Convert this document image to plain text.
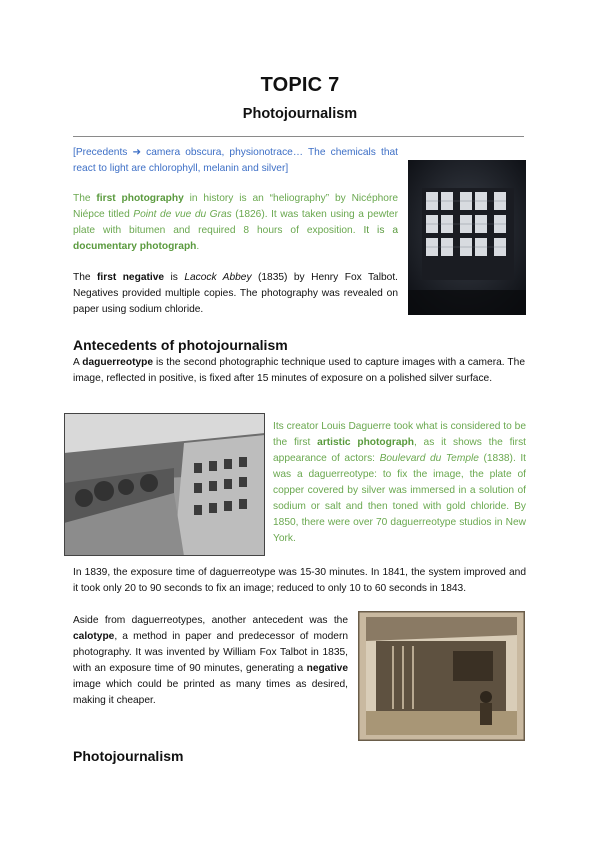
TOPIC 7
Photojournalism
[Precedents ➜ camera obscura, physionotrace… The chemicals that react to light are chlorophyll, melanin and silver]
The first photography in history is an “heliography” by Nicéphore Niépce titled Point de vue du Gras (1826). It was taken using a pewter plate with bitumen and required 8 hours of exposition. It is a documentary photograph.
The first negative is Lacock Abbey (1835) by Henry Fox Talbot. Negatives provided multiple copies. The photography was revealed on paper using sodium chloride.
Antecedents of photojournalism
A daguerreotype is the second photographic technique used to capture images with a camera. The image, reflected in positive, is fixed after 15 minutes of exposure on a polished silver surface.
Its creator Louis Daguerre took what is considered to be the first artistic photograph, as it shows the first appearance of actors: Boulevard du Temple (1838). It was a daguerreotype: to fix the image, the plate of copper covered by silver was immersed in a solution of sodium or salt and then toned with gold chloride. By 1850, there were over 70 daguerreotype studios in New York.
In 1839, the exposure time of daguerreotype was 15-30 minutes. In 1841, the system improved and it took only 20 to 90 seconds to fix an image; reduced to only 10 to 60 seconds in 1843.
Aside from daguerreotypes, another antecedent was the calotype, a method in paper and predecessor of modern photography. It was invented by William Fox Talbot in 1835, with an exposure time of 90 minutes, generating a negative image which could be printed as many times as desired, making it cheaper.
Photojournalism
